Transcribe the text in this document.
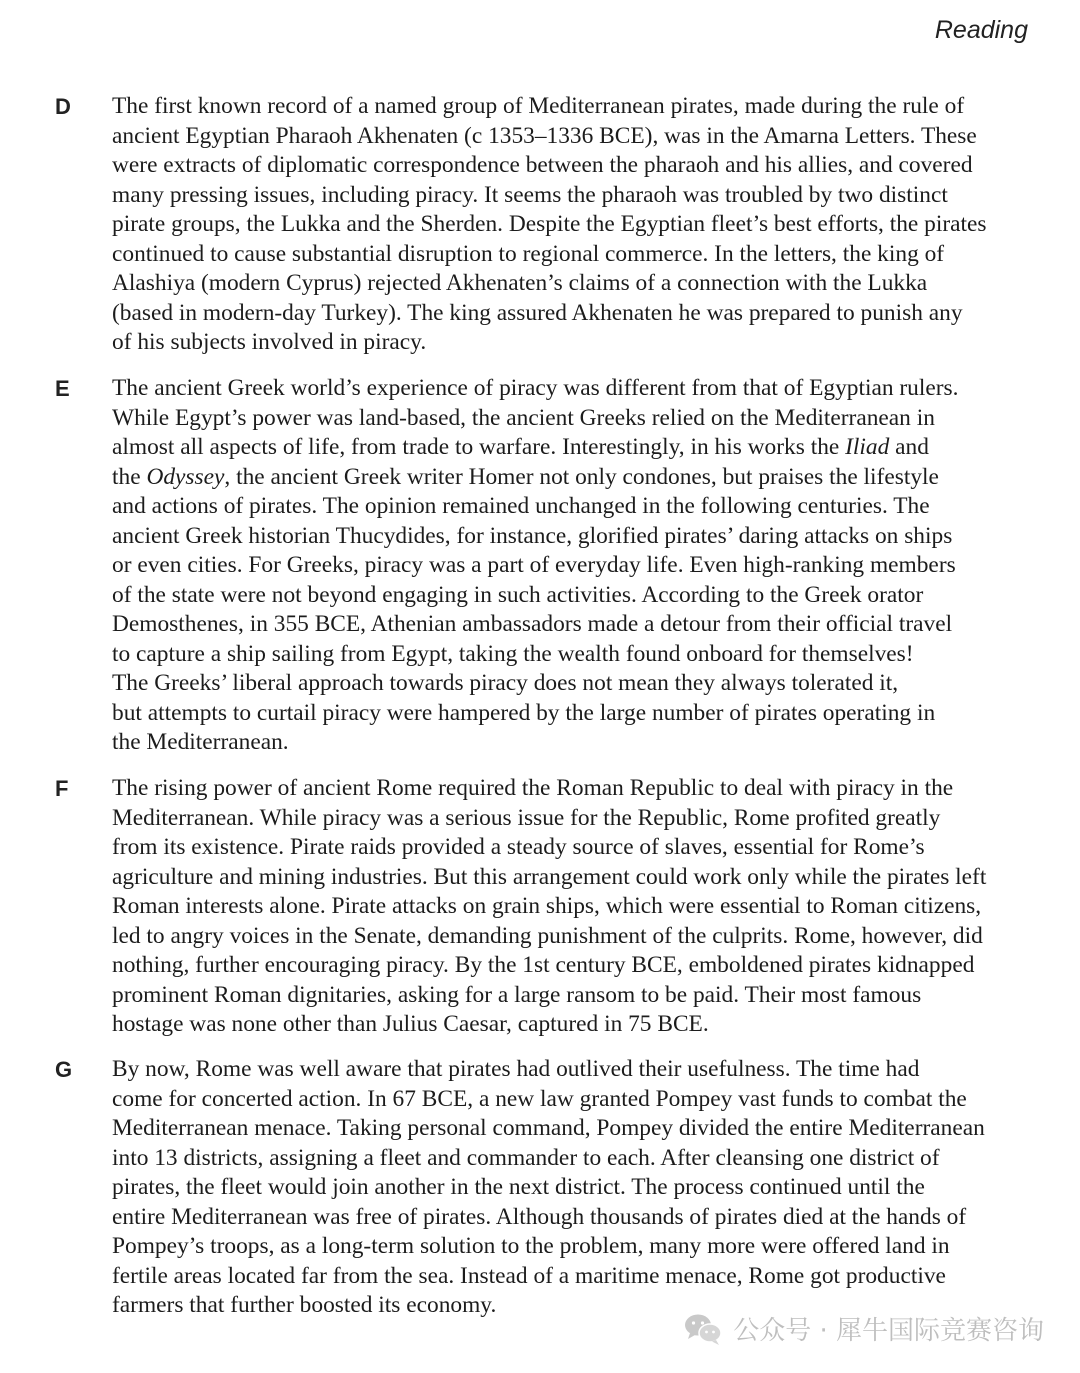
Reading
D The first known record of a named group of Mediterranean pirates, made during the rule of
ancient Egyptian Pharaoh Akhenaten (c 1353–1336 BCE), was in the Amarna Letters. These
were extracts of diplomatic correspondence between the pharaoh and his allies, and covered
many pressing issues, including piracy. It seems the pharaoh was troubled by two distinct
pirate groups, the Lukka and the Sherden. Despite the Egyptian fleet’s best efforts, the pirates
continued to cause substantial disruption to regional commerce. In the letters, the king of
Alashiya (modern Cyprus) rejected Akhenaten’s claims of a connection with the Lukka
(based in modern-day Turkey). The king assured Akhenaten he was prepared to punish any
of his subjects involved in piracy.
E The ancient Greek world’s experience of piracy was different from that of Egyptian rulers.
While Egypt’s power was land-based, the ancient Greeks relied on the Mediterranean in
almost all aspects of life, from trade to warfare. Interestingly, in his works the Iliad and
the Odyssey, the ancient Greek writer Homer not only condones, but praises the lifestyle
and actions of pirates. The opinion remained unchanged in the following centuries. The
ancient Greek historian Thucydides, for instance, glorified pirates’ daring attacks on ships
or even cities. For Greeks, piracy was a part of everyday life. Even high-ranking members
of the state were not beyond engaging in such activities. According to the Greek orator
Demosthenes, in 355 BCE, Athenian ambassadors made a detour from their official travel
to capture a ship sailing from Egypt, taking the wealth found onboard for themselves!
The Greeks’ liberal approach towards piracy does not mean they always tolerated it,
but attempts to curtail piracy were hampered by the large number of pirates operating in
the Mediterranean.
F The rising power of ancient Rome required the Roman Republic to deal with piracy in the
Mediterranean. While piracy was a serious issue for the Republic, Rome profited greatly
from its existence. Pirate raids provided a steady source of slaves, essential for Rome’s
agriculture and mining industries. But this arrangement could work only while the pirates left
Roman interests alone. Pirate attacks on grain ships, which were essential to Roman citizens,
led to angry voices in the Senate, demanding punishment of the culprits. Rome, however, did
nothing, further encouraging piracy. By the 1st century BCE, emboldened pirates kidnapped
prominent Roman dignitaries, asking for a large ransom to be paid. Their most famous
hostage was none other than Julius Caesar, captured in 75 BCE.
G By now, Rome was well aware that pirates had outlived their usefulness. The time had
come for concerted action. In 67 BCE, a new law granted Pompey vast funds to combat the
Mediterranean menace. Taking personal command, Pompey divided the entire Mediterranean
into 13 districts, assigning a fleet and commander to each. After cleansing one district of
pirates, the fleet would join another in the next district. The process continued until the
entire Mediterranean was free of pirates. Although thousands of pirates died at the hands of
Pompey’s troops, as a long-term solution to the problem, many more were offered land in
fertile areas located far from the sea. Instead of a maritime menace, Rome got productive
farmers that further boosted its economy.
公众号 · 犀牛国际竞赛咨询
